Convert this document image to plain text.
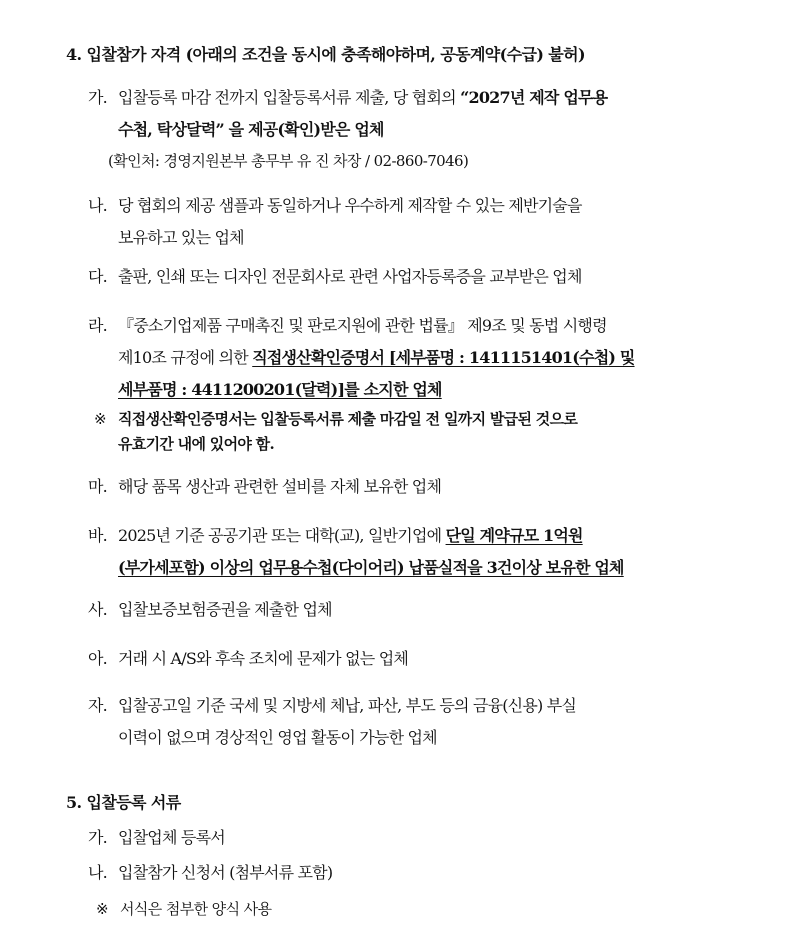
4. 입찰참가 자격 (아래의 조건을 동시에 충족해야하며, 공동계약(수급) 불허)
가. 입찰등록 마감 전까지 입찰등록서류 제출, 당 협회의 “2027년 제작 업무용
수첩, 탁상달력” 을 제공(확인)받은 업체
(확인처: 경영지원본부 총무부 유 진 차장 / 02-860-7046)
나. 당 협회의 제공 샘플과 동일하거나 우수하게 제작할 수 있는 제반기술을
보유하고 있는 업체
다. 출판, 인쇄 또는 디자인 전문회사로 관련 사업자등록증을 교부받은 업체
라. 『중소기업제품 구매촉진 및 판로지원에 관한 법률』 제9조 및 동법 시행령
제10조 규정에 의한 직접생산확인증명서 [세부품명 : 1411151401(수첩) 및
세부품명 : 4411200201(달력)]를 소지한 업체
※ 직접생산확인증명서는 입찰등록서류 제출 마감일 전 일까지 발급된 것으로
유효기간 내에 있어야 함.
마. 해당 품목 생산과 관련한 설비를 자체 보유한 업체
바. 2025년 기준 공공기관 또는 대학(교), 일반기업에 단일 계약규모 1억원
(부가세포함) 이상의 업무용수첩(다이어리) 납품실적을 3건이상 보유한 업체
사. 입찰보증보험증권을 제출한 업체
아. 거래 시 A/S와 후속 조치에 문제가 없는 업체
자. 입찰공고일 기준 국세 및 지방세 체납, 파산, 부도 등의 금융(신용) 부실
이력이 없으며 경상적인 영업 활동이 가능한 업체
5. 입찰등록 서류
가. 입찰업체 등록서
나. 입찰참가 신청서 (첨부서류 포함)
※ 서식은 첨부한 양식 사용
